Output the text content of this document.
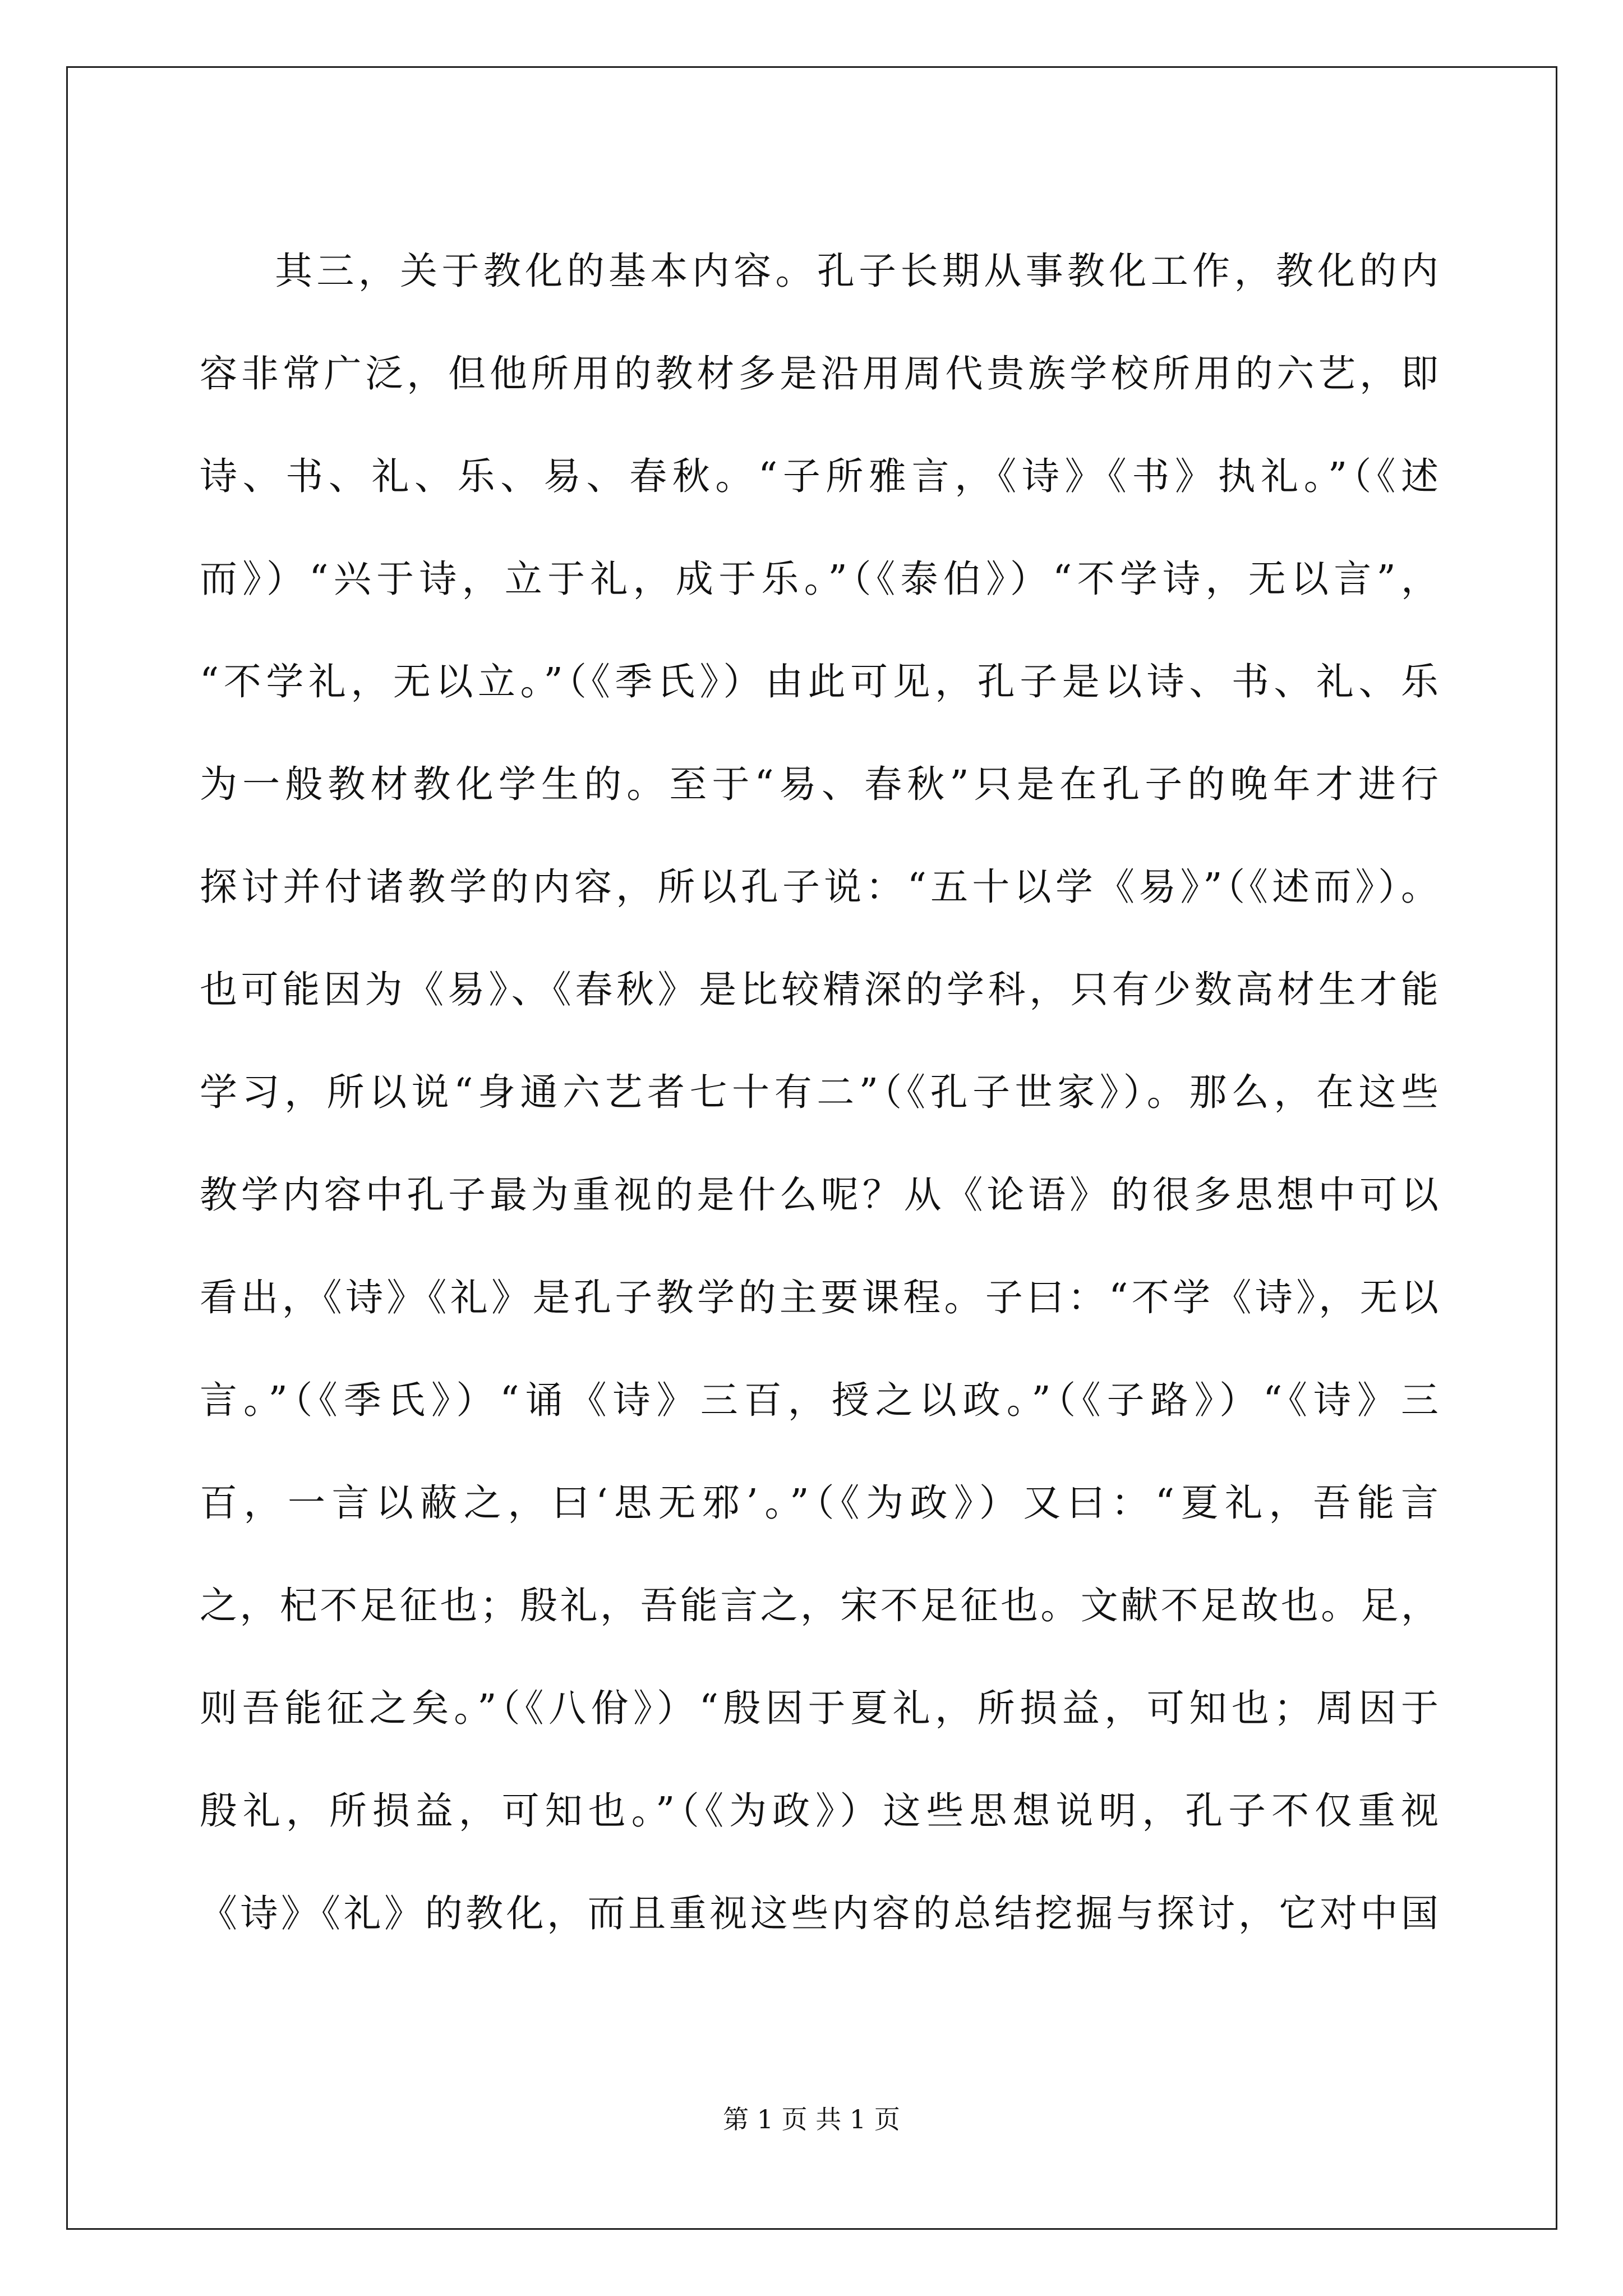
其三，关于教化的基本内容。孔子长期从事教化工作，教化的内
容非常广泛，但他所用的教材多是沿用周代贵族学校所用的六艺，即
诗、书、礼、乐、易、春秋。“子所雅言，《诗》《书》执礼。”（《述
而》）“兴于诗，立于礼，成于乐。”（《泰伯》）“不学诗，无以言”，
“不学礼，无以立。”（《季氏》）由此可见，孔子是以诗、书、礼、乐
为一般教材教化学生的。至于“易、春秋”只是在孔子的晚年才进行
探讨并付诸教学的内容，所以孔子说：“五十以学《易》”（《述而》）。
也可能因为《易》、《春秋》是比较精深的学科，只有少数高材生才能
学习，所以说“身通六艺者七十有二”（《孔子世家》）。那么，在这些
教学内容中孔子最为重视的是什么呢？从《论语》的很多思想中可以
看出，《诗》《礼》是孔子教学的主要课程。子曰：“不学《诗》，无以
言。”（《季氏》）“诵《诗》三百，授之以政。”（《子路》）“《诗》三
百，一言以蔽之，曰‘思无邪’。”（《为政》）又曰：“夏礼，吾能言
之，杞不足征也；殷礼，吾能言之，宋不足征也。文献不足故也。足，
则吾能征之矣。”（《八佾》）“殷因于夏礼，所损益，可知也；周因于
殷礼，所损益，可知也。”（《为政》）这些思想说明，孔子不仅重视
《诗》《礼》的教化，而且重视这些内容的总结挖掘与探讨，它对中国
第 1 页 共 1 页
